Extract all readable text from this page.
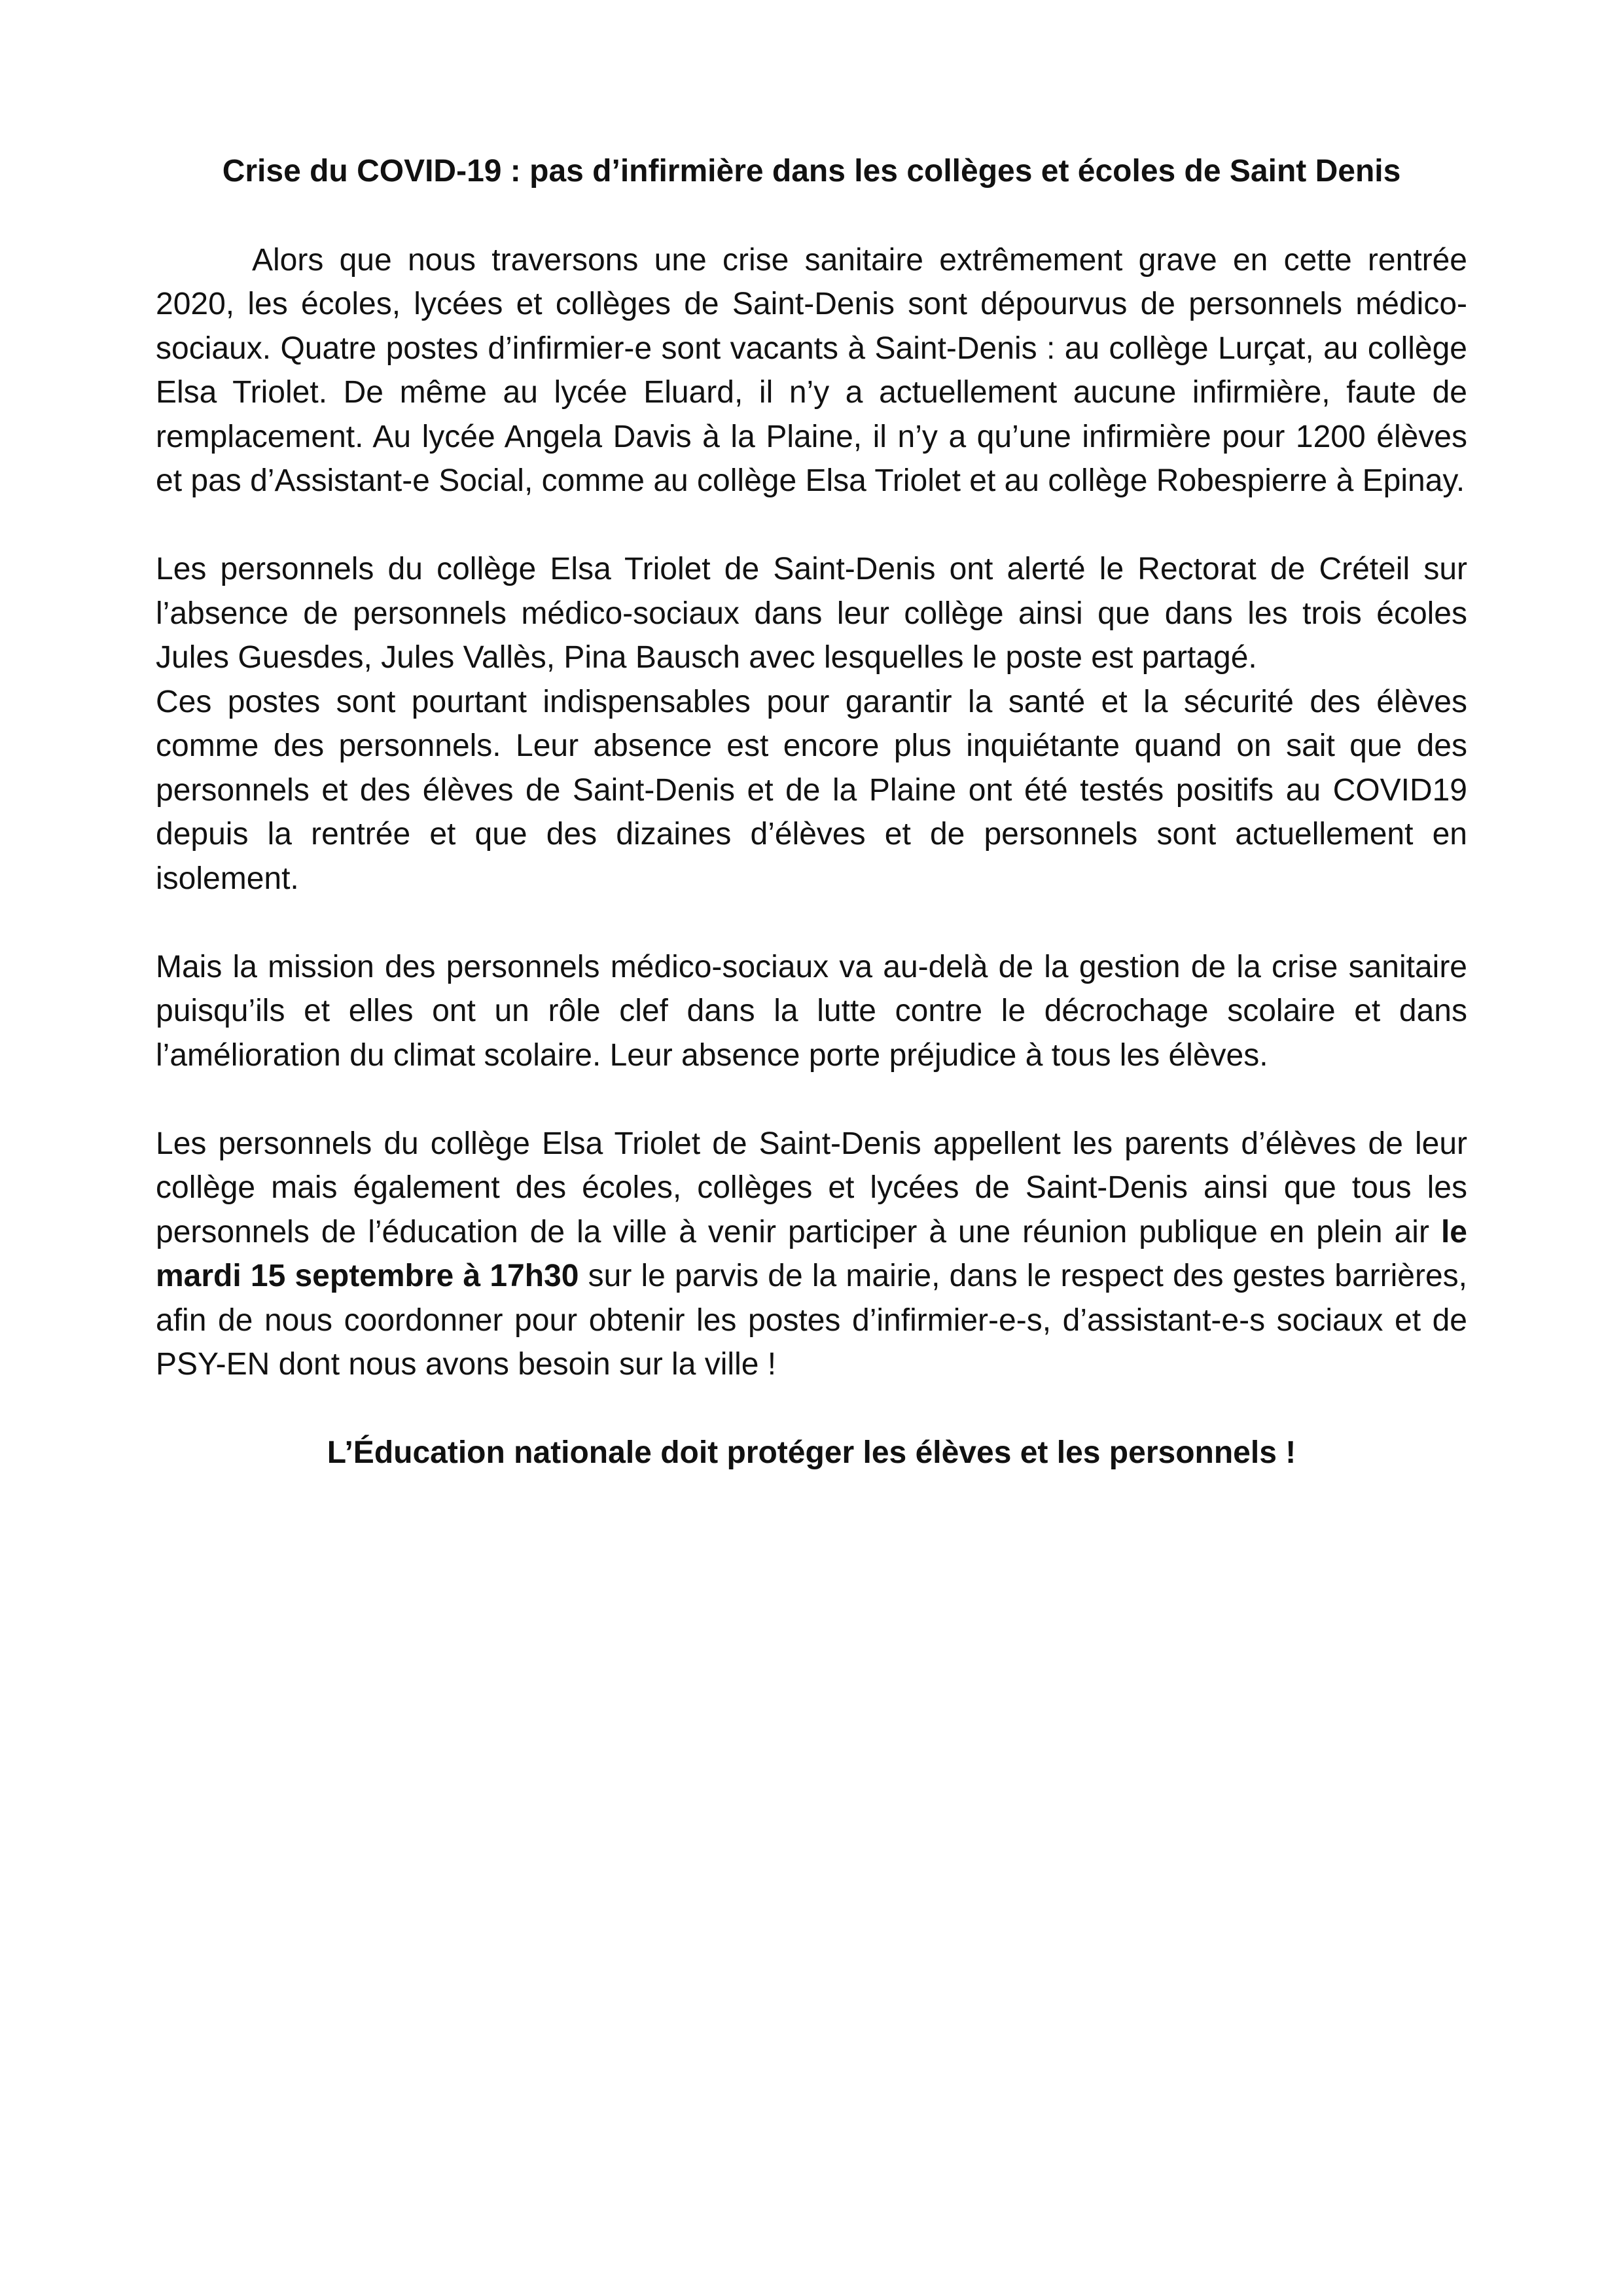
Crise du COVID-19 : pas d’infirmière dans les collèges et écoles de Saint Denis

Alors que nous traversons une crise sanitaire extrêmement grave en cette rentrée 2020, les écoles, lycées et collèges de Saint-Denis sont dépourvus de personnels médico-sociaux. Quatre postes d’infirmier-e sont vacants à Saint-Denis : au collège Lurçat, au collège Elsa Triolet. De même au lycée Eluard, il n’y a actuellement aucune infirmière, faute de remplacement. Au lycée Angela Davis à la Plaine, il n’y a qu’une infirmière pour 1200 élèves et pas d’Assistant-e Social, comme au collège Elsa Triolet et au collège Robespierre à Epinay.

Les personnels du collège Elsa Triolet de Saint-Denis ont alerté le Rectorat de Créteil sur l’absence de personnels médico-sociaux dans leur collège ainsi que dans les trois écoles Jules Guesdes, Jules Vallès, Pina Bausch avec lesquelles le poste est partagé.

Ces postes sont pourtant indispensables pour garantir la santé et la sécurité des élèves comme des personnels. Leur absence est encore plus inquiétante quand on sait que des personnels et des élèves de Saint-Denis et de la Plaine ont été testés positifs au COVID19 depuis la rentrée et que des dizaines d’élèves et de personnels sont actuellement en isolement.

Mais la mission des personnels médico-sociaux va au-delà de la gestion de la crise sanitaire puisqu’ils et elles ont un rôle clef dans la lutte contre le décrochage scolaire et dans l’amélioration du climat scolaire. Leur absence porte préjudice à tous les élèves.

Les personnels du collège Elsa Triolet de Saint-Denis appellent les parents d’élèves de leur collège mais également des écoles, collèges et lycées de Saint-Denis ainsi que tous les personnels de l’éducation de la ville à venir participer à une réunion publique en plein air le mardi 15 septembre à 17h30 sur le parvis de la mairie, dans le respect des gestes barrières, afin de nous coordonner pour obtenir les postes d’infirmier-e-s, d’assistant-e-s sociaux et de PSY-EN dont nous avons besoin sur la ville !

L’Éducation nationale doit protéger les élèves et les personnels !
